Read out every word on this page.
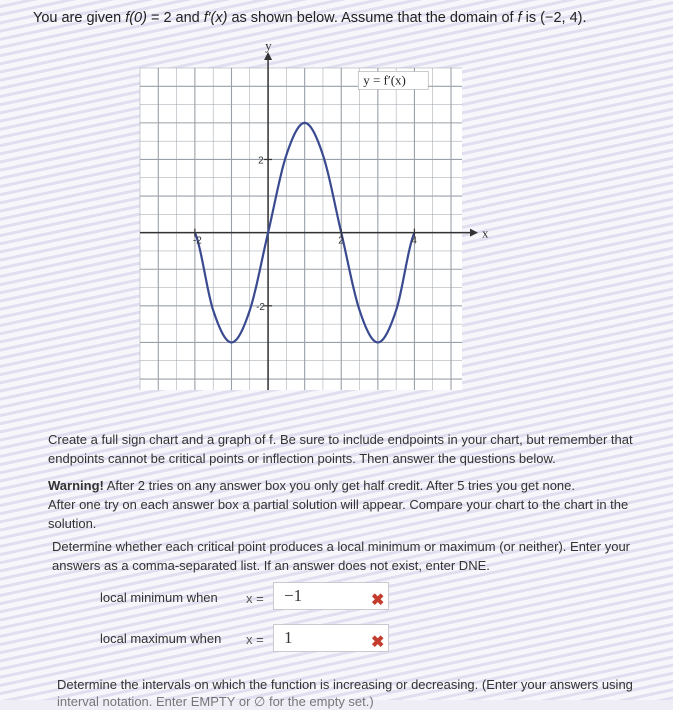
You are given f(0) = 2 and f′(x) as shown below. Assume that the domain of f is (−2, 4).
y
x
y = f′(x)
-2	2	4
2
-2
Create a full sign chart and a graph of f. Be sure to include endpoints in your chart, but remember that endpoints cannot be critical points or inflection points. Then answer the questions below.
Warning! After 2 tries on any answer box you only get half credit. After 5 tries you get none.
After one try on each answer box a partial solution will appear. Compare your chart to the chart in the solution.
Determine whether each critical point produces a local minimum or maximum (or neither). Enter your answers as a comma-separated list. If an answer does not exist, enter DNE.
local minimum when x =	−1	✖
local maximum when x =	1	✖
Determine the intervals on which the function is increasing or decreasing. (Enter your answers using
interval notation. Enter EMPTY or ∅ for the empty set.)
